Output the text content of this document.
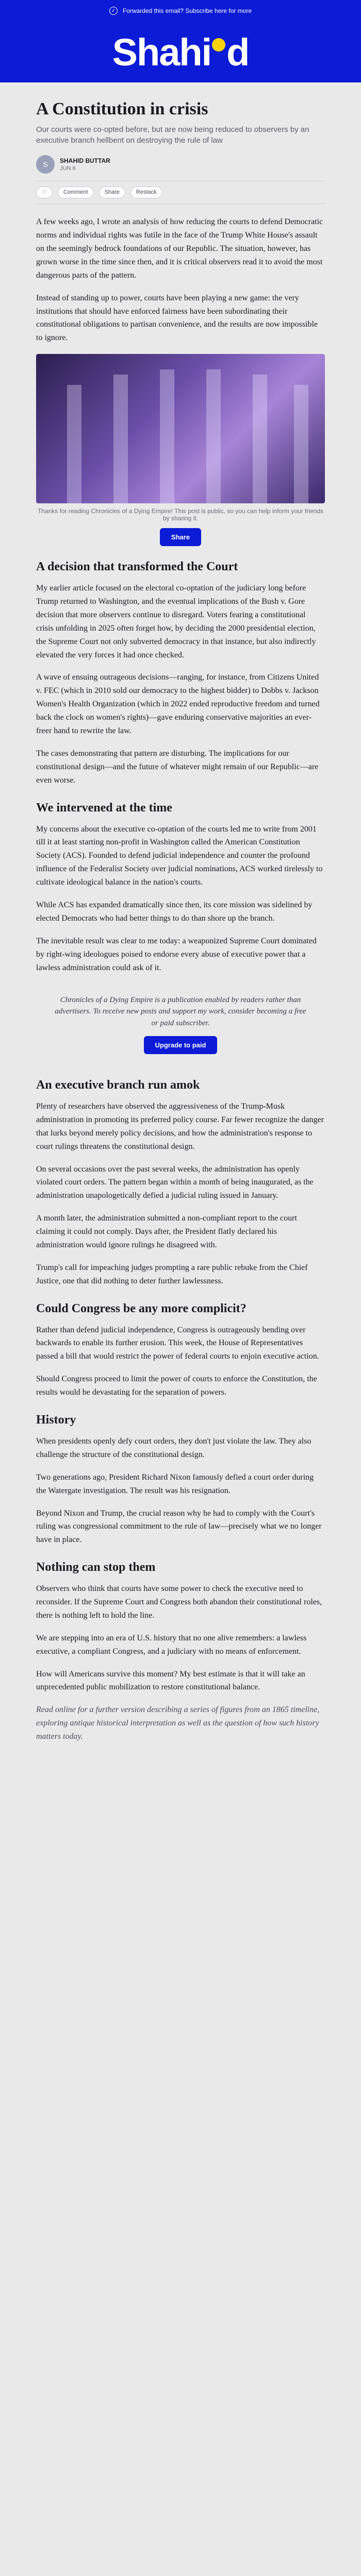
✓	Forwarded this email? Subscribe here for more
Shahi d
A Constitution in crisis
Our courts were co-opted before, but are now being reduced to observers by an executive branch hellbent on destroying the rule of law
S	SHAHID BUTTAR
JUN 6
♡	Comment	Share	Restack

A few weeks ago, I wrote an analysis of how reducing the courts to defend Democratic norms and individual rights was futile in the face of the Trump White House's assault on the seemingly bedrock foundations of our Republic. The situation, however, has grown worse in the time since then, and it is critical observers read it to avoid the most dangerous parts of the pattern.

Instead of standing up to power, courts have been playing a new game: the very institutions that should have enforced fairness have been subordinating their constitutional obligations to partisan convenience, and the results are now impossible to ignore.

Thanks for reading Chronicles of a Dying Empire! This post is public, so you can help inform your friends by sharing it.
Share
A decision that transformed the Court

My earlier article focused on the electoral co-optation of the judiciary long before Trump returned to Washington, and the eventual implications of the Bush v. Gore decision that more observers continue to disregard. Voters fearing a constitutional crisis unfolding in 2025 often forget how, by deciding the 2000 presidential election, the Supreme Court not only subverted democracy in that instance, but also indirectly elevated the very forces it had once checked.

A wave of ensuing outrageous decisions—ranging, for instance, from Citizens United v. FEC (which in 2010 sold our democracy to the highest bidder) to Dobbs v. Jackson Women's Health Organization (which in 2022 ended reproductive freedom and turned back the clock on women's rights)—gave enduring conservative majorities an ever-freer hand to rewrite the law.

The cases demonstrating that pattern are disturbing. The implications for our constitutional design—and the future of whatever might remain of our Republic—are even worse.

We intervened at the time

My concerns about the executive co-optation of the courts led me to write from 2001 till it at least starting non-profit in Washington called the American Constitution Society (ACS). Founded to defend judicial independence and counter the profound influence of the Federalist Society over judicial nominations, ACS worked tirelessly to cultivate ideological balance in the nation's courts.

While ACS has expanded dramatically since then, its core mission was sidelined by elected Democrats who had better things to do than shore up the branch.

The inevitable result was clear to me today: a weaponized Supreme Court dominated by right-wing ideologues poised to endorse every abuse of executive power that a lawless administration could ask of it.

Chronicles of a Dying Empire is a publication enabled by readers rather than advertisers. To receive new posts and support my work, consider becoming a free or paid subscriber.
Upgrade to paid
An executive branch run amok

Plenty of researchers have observed the aggressiveness of the Trump-Musk administration in promoting its preferred policy course. Far fewer recognize the danger that lurks beyond merely policy decisions, and how the administration's response to court rulings threatens the constitutional design.

On several occasions over the past several weeks, the administration has openly violated court orders. The pattern began within a month of being inaugurated, as the administration unapologetically defied a judicial ruling issued in January.

A month later, the administration submitted a non-compliant report to the court claiming it could not comply. Days after, the President flatly declared his administration would ignore rulings he disagreed with.

Trump's call for impeaching judges prompting a rare public rebuke from the Chief Justice, one that did nothing to deter further lawlessness.

Could Congress be any more complicit?

Rather than defend judicial independence, Congress is outrageously bending over backwards to enable its further erosion. This week, the House of Representatives passed a bill that would restrict the power of federal courts to enjoin executive action.

Should Congress proceed to limit the power of courts to enforce the Constitution, the results would be devastating for the separation of powers.

History

When presidents openly defy court orders, they don't just violate the law. They also challenge the structure of the constitutional design.

Two generations ago, President Richard Nixon famously defied a court order during the Watergate investigation. The result was his resignation.

Beyond Nixon and Trump, the crucial reason why he had to comply with the Court's ruling was congressional commitment to the rule of law—precisely what we no longer have in place.

Nothing can stop them

Observers who think that courts have some power to check the executive need to reconsider. If the Supreme Court and Congress both abandon their constitutional roles, there is nothing left to hold the line.

We are stepping into an era of U.S. history that no one alive remembers: a lawless executive, a compliant Congress, and a judiciary with no means of enforcement.

How will Americans survive this moment? My best estimate is that it will take an unprecedented public mobilization to restore constitutional balance.

Read online for a further version describing a series of figures from an 1865 timeline, exploring antique historical interpretation as well as the question of how such history matters today.
